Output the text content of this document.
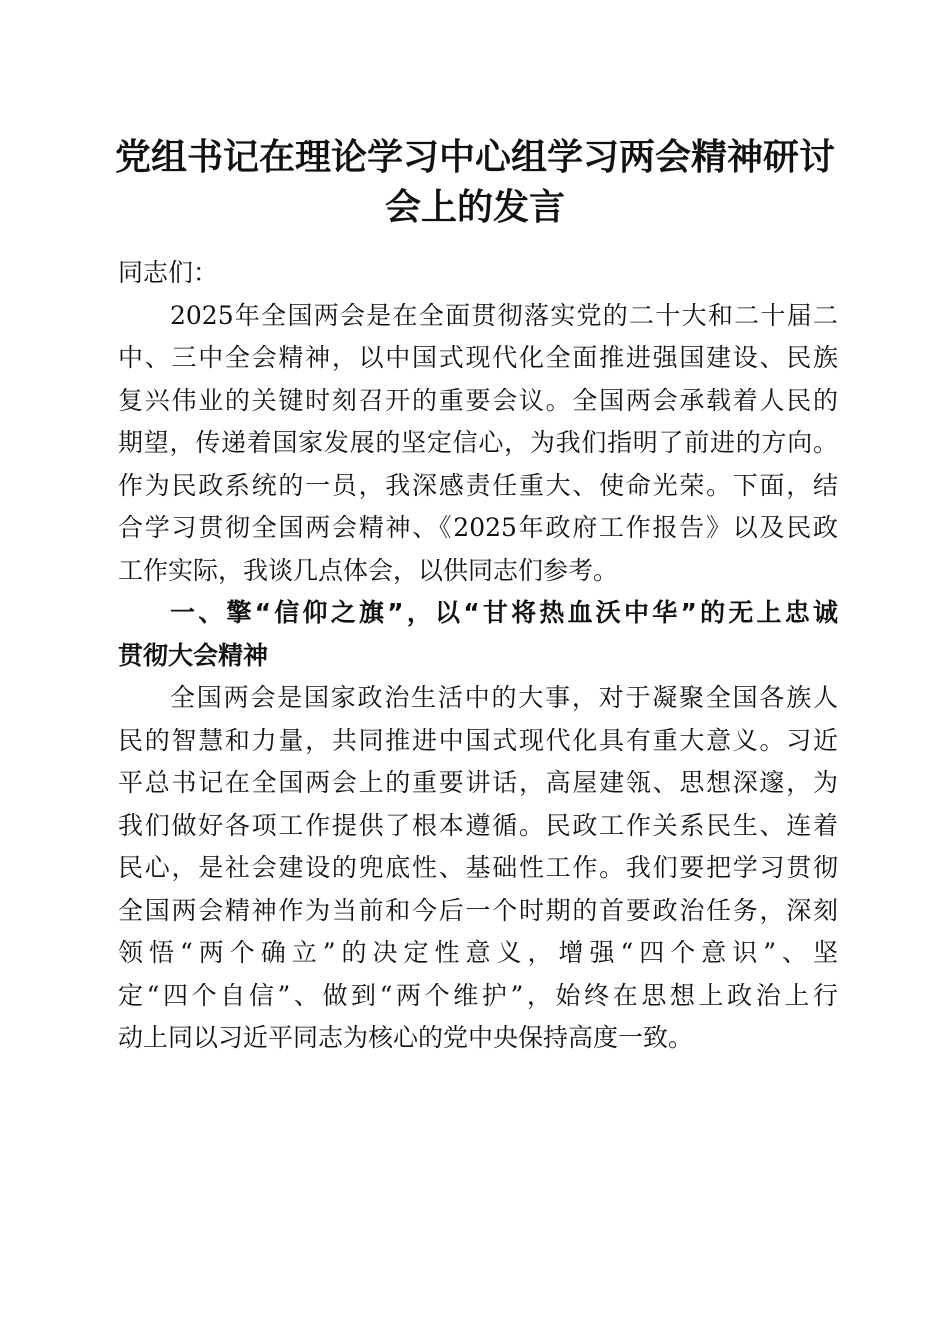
党组书记在理论学习中心组学习两会精神研讨
会上的发言
同志们：
2025年全国两会是在全面贯彻落实党的二十大和二十届二
中、三中全会精神，以中国式现代化全面推进强国建设、民族
复兴伟业的关键时刻召开的重要会议。全国两会承载着人民的
期望，传递着国家发展的坚定信心，为我们指明了前进的方向。
作为民政系统的一员，我深感责任重大、使命光荣。下面，结
合学习贯彻全国两会精神、《2025年政府工作报告》以及民政
工作实际，我谈几点体会，以供同志们参考。
一、擎“信仰之旗”，以“甘将热血沃中华”的无上忠诚
贯彻大会精神
全国两会是国家政治生活中的大事，对于凝聚全国各族人
民的智慧和力量，共同推进中国式现代化具有重大意义。习近
平总书记在全国两会上的重要讲话，高屋建瓴、思想深邃，为
我们做好各项工作提供了根本遵循。民政工作关系民生、连着
民心，是社会建设的兜底性、基础性工作。我们要把学习贯彻
全国两会精神作为当前和今后一个时期的首要政治任务，深刻
领悟“两个确立”的决定性意义，增强“四个意识”、坚
定“四个自信”、做到“两个维护”，始终在思想上政治上行
动上同以习近平同志为核心的党中央保持高度一致。
